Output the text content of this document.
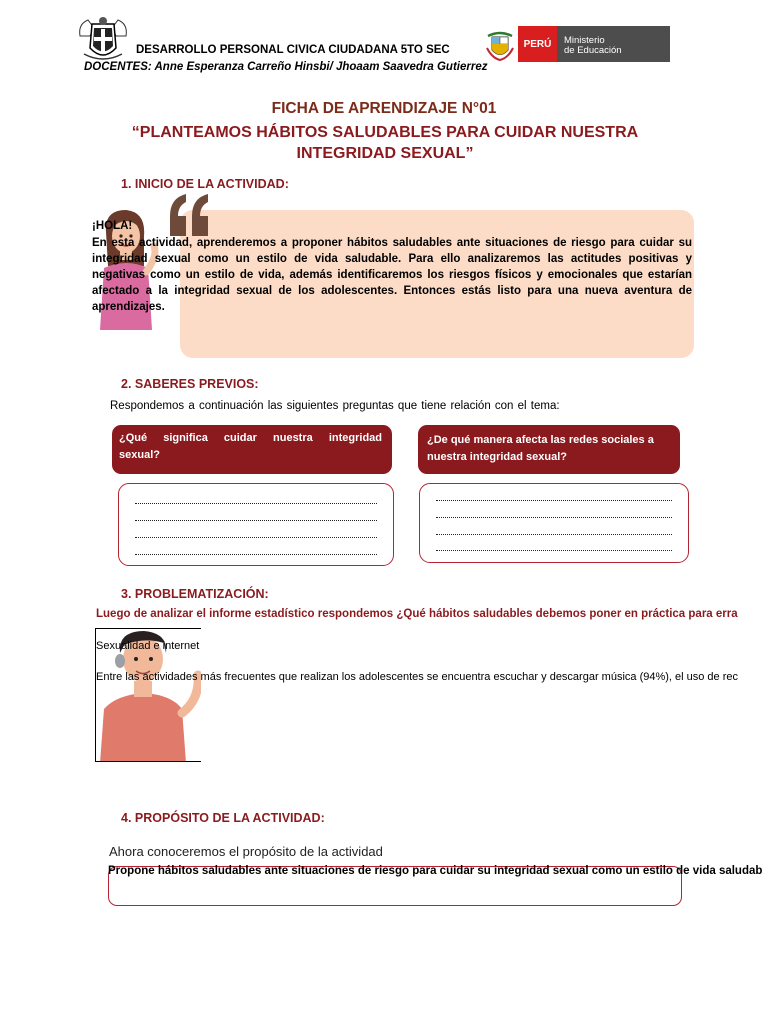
DESARROLLO PERSONAL CIVICA CIUDADANA 5TO SEC
DOCENTES: Anne Esperanza Carreño Hinsbi/ Jhoaam Saavedra Gutierrez
PERÚ	Ministerio
de Educación
FICHA DE APRENDIZAJE N°01
“PLANTEAMOS HÁBITOS SALUDABLES PARA CUIDAR NUESTRA
INTEGRIDAD SEXUAL”
1. INICIO DE LA ACTIVIDAD:
¡HOLA!
En esta actividad, aprenderemos a proponer hábitos saludables ante situaciones de riesgo para cuidar su integridad sexual como un estilo de vida saludable. Para ello analizaremos las actitudes positivas y negativas como un estilo de vida, además identificaremos los riesgos físicos y emocionales que estarían afectado a la integridad sexual de los adolescentes. Entonces estás listo para una nueva aventura de aprendizajes.
2. SABERES PREVIOS:
Respondemos a continuación las siguientes preguntas que tiene relación con el tema:
¿Qué significa cuidar nuestra integridad sexual?
¿De qué manera afecta las redes sociales a nuestra integridad sexual?
3. PROBLEMATIZACIÓN:
Luego de analizar el informe estadístico respondemos ¿Qué hábitos saludables debemos poner en práctica para erra
Sexualidad e internet
Entre las actividades más frecuentes que realizan los adolescentes se encuentra escuchar y descargar música (94%), el uso de rec
4. PROPÓSITO DE LA ACTIVIDAD:
Ahora conoceremos el propósito de la actividad
Propone hábitos saludables ante situaciones de riesgo para cuidar su integridad sexual como un estilo de vida saludab
